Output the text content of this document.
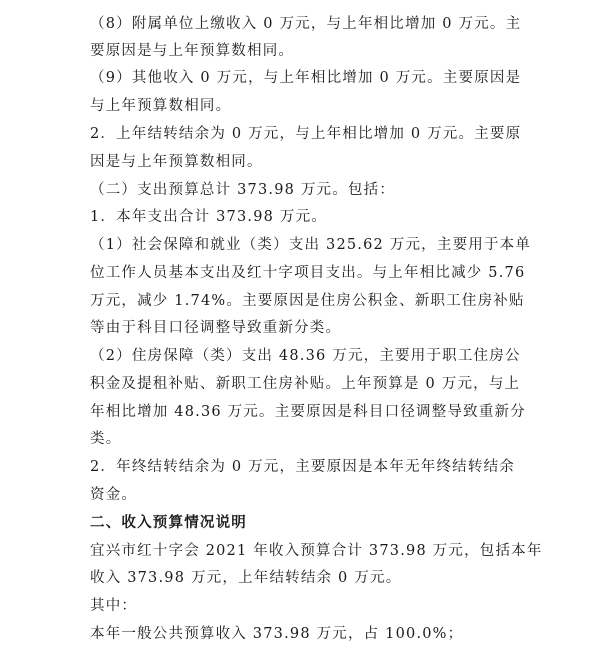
（8）附属单位上缴收入 0 万元，与上年相比增加 0 万元。主
要原因是与上年预算数相同。
（9）其他收入 0 万元，与上年相比增加 0 万元。主要原因是
与上年预算数相同。
2．上年结转结余为 0 万元，与上年相比增加 0 万元。主要原
因是与上年预算数相同。
（二）支出预算总计 373.98 万元。包括：
1．本年支出合计 373.98 万元。
（1）社会保障和就业（类）支出 325.62 万元，主要用于本单
位工作人员基本支出及红十字项目支出。与上年相比减少 5.76
万元，减少 1.74%。主要原因是住房公积金、新职工住房补贴
等由于科目口径调整导致重新分类。
（2）住房保障（类）支出 48.36 万元，主要用于职工住房公
积金及提租补贴、新职工住房补贴。上年预算是 0 万元，与上
年相比增加 48.36 万元。主要原因是科目口径调整导致重新分
类。
2．年终结转结余为 0 万元，主要原因是本年无年终结转结余
资金。
二、收入预算情况说明
宜兴市红十字会 2021 年收入预算合计 373.98 万元，包括本年
收入 373.98 万元，上年结转结余 0 万元。
其中：
本年一般公共预算收入 373.98 万元，占 100.0%；
